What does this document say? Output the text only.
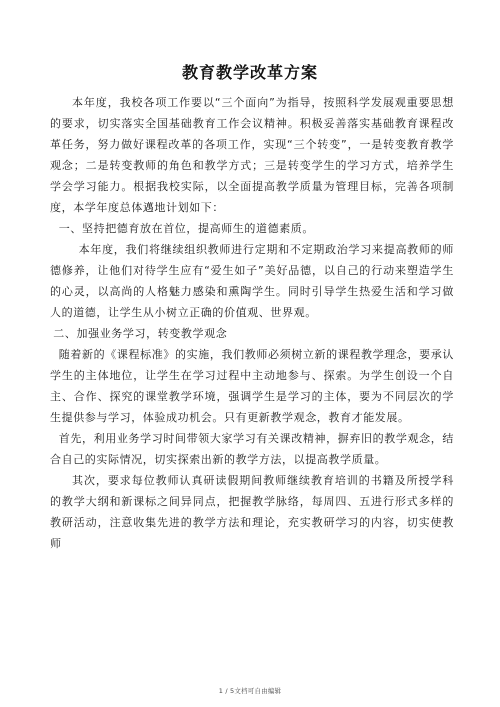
教育教学改革方案

本年度，我校各项工作要以“三个面向”为指导，按照科学发展观重要思想的要求，切实落实全国基础教育工作会议精神。积极妥善落实基础教育课程改革任务，努力做好课程改革的各项工作，实现“三个转变”，一是转变教育教学观念；二是转变教师的角色和教学方式；三是转变学生的学习方式，培养学生学会学习能力。根据我校实际，以全面提高教学质量为管理目标，完善各项制度，本学年度总体邁地计划如下：

一、坚持把德育放在首位，提高师生的道德素质。

本年度，我们将继续组织教师进行定期和不定期政治学习来提高教师的师德修养，让他们对待学生应有“爱生如子”美好品德，以自己的行动来塑造学生的心灵，以高尚的人格魅力感染和熏陶学生。同时引导学生热爱生活和学习做人的道德，让学生从小树立正确的价值观、世界观。

二、加强业务学习，转变教学观念

随着新的《课程标准》的实施，我们教师必须树立新的课程教学理念，要承认学生的主体地位，让学生在学习过程中主动地参与、探索。为学生创设一个自主、合作、探究的课堂教学环境，强调学生是学习的主体，要为不同层次的学生提供参与学习，体验成功机会。只有更新教学观念，教育才能发展。

首先，利用业务学习时间带领大家学习有关课改精神，摒弃旧的教学观念，结合自己的实际情况，切实探索出新的教学方法，以提高教学质量。

其次，要求每位教师认真研读假期间教师继续教育培训的书籍及所授学科的教学大纲和新课标之间异同点，把握教学脉络，每周四、五进行形式多样的教研活动，注意收集先进的教学方法和理论，充实教研学习的内容，切实使教师

1 / 5文档可自由编辑
